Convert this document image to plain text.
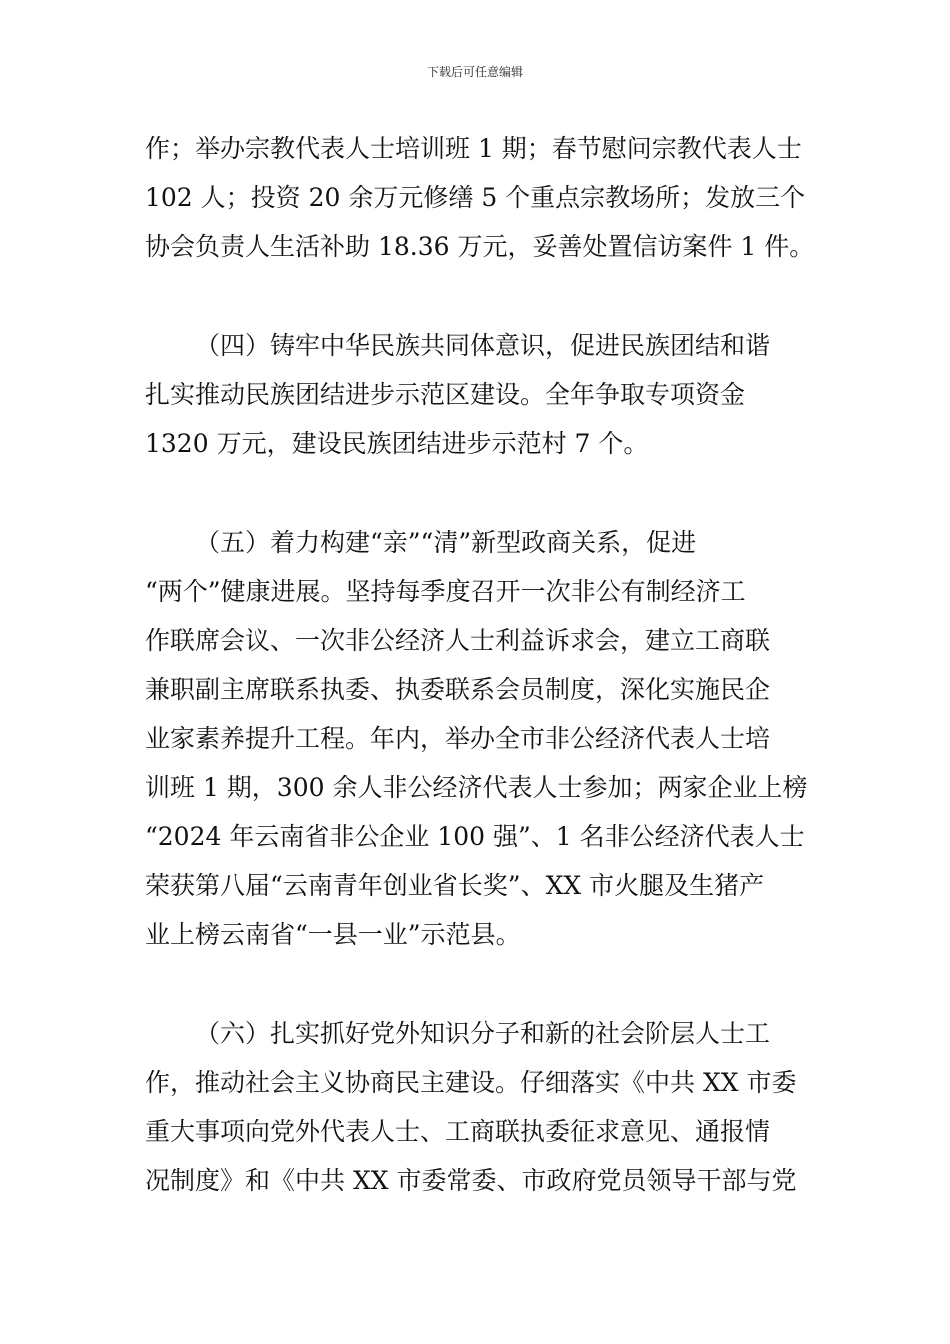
下载后可任意编辑
作；举办宗教代表人士培训班 1 期；春节慰问宗教代表人士
102 人；投资 20 余万元修缮 5 个重点宗教场所；发放三个
协会负责人生活补助 18.36 万元，妥善处置信访案件 1 件。
（四）铸牢中华民族共同体意识，促进民族团结和谐
扎实推动民族团结进步示范区建设。全年争取专项资金
1320 万元，建设民族团结进步示范村 7 个。
（五）着力构建“亲”“清”新型政商关系，促进
“两个”健康进展。坚持每季度召开一次非公有制经济工
作联席会议、一次非公经济人士利益诉求会，建立工商联
兼职副主席联系执委、执委联系会员制度，深化实施民企
业家素养提升工程。年内，举办全市非公经济代表人士培
训班 1 期，300 余人非公经济代表人士参加；两家企业上榜
“2024 年云南省非公企业 100 强”、1 名非公经济代表人士
荣获第八届“云南青年创业省长奖”、XX 市火腿及生猪产
业上榜云南省“一县一业”示范县。
（六）扎实抓好党外知识分子和新的社会阶层人士工
作，推动社会主义协商民主建设。仔细落实《中共 XX 市委
重大事项向党外代表人士、工商联执委征求意见、通报情
况制度》和《中共 XX 市委常委、市政府党员领导干部与党
